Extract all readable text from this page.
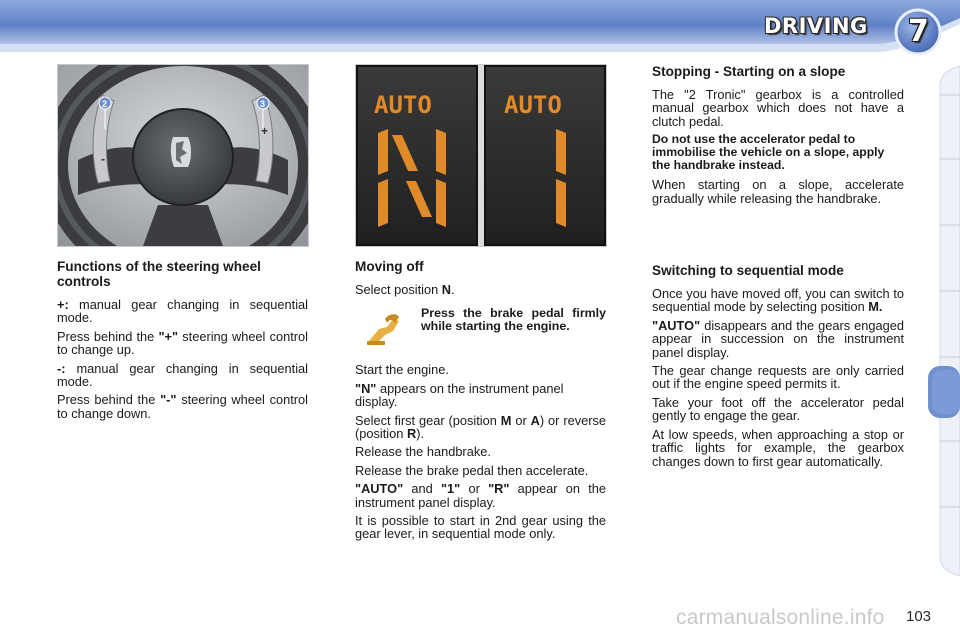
DRIVING 7
-
+
2	3	AUTO	AUTO
Functions of the steering wheel controls

+: manual gear changing in sequential mode.

Press behind the "+" steering wheel control to change up.

-: manual gear changing in sequential mode.

Press behind the "-" steering wheel control to change down.

Moving off

Select position N.

Press the brake pedal firmly while starting the engine.

Start the engine.

"N" appears on the instrument panel display.

Select first gear (position M or A) or reverse (position R).

Release the handbrake.

Release the brake pedal then accelerate.

"AUTO" and "1" or "R" appear on the instrument panel display.

It is possible to start in 2nd gear using the gear lever, in sequential mode only.

Stopping - Starting on a slope

The "2 Tronic" gearbox is a controlled manual gearbox which does not have a clutch pedal.

Do not use the accelerator pedal to immobilise the vehicle on a slope, apply the handbrake instead.

When starting on a slope, accelerate gradually while releasing the handbrake.

Switching to sequential mode

Once you have moved off, you can switch to sequential mode by selecting position M.

"AUTO" disappears and the gears engaged appear in succession on the instrument panel display.

The gear change requests are only carried out if the engine speed permits it.

Take your foot off the accelerator pedal gently to engage the gear.

At low speeds, when approaching a stop or traffic lights for example, the gearbox changes down to first gear automatically.

carmanualsonline.info 103
